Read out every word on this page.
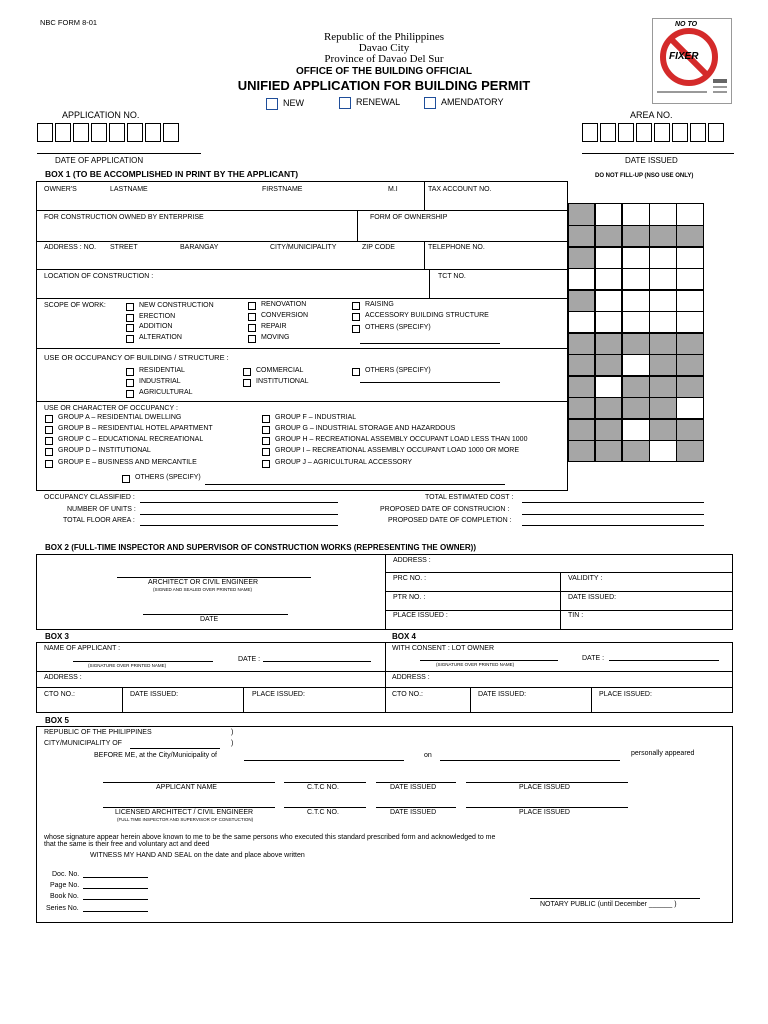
NBC FORM 8-01
Republic of the Philippines
Davao City
Province of Davao Del Sur
OFFICE OF THE BUILDING OFFICIAL
UNIFIED APPLICATION FOR BUILDING PERMIT
NO TO
FIXER
NEW	RENEWAL	AMENDATORY
APPLICATION NO.	AREA NO.
DATE OF APPLICATION	DATE ISSUED
BOX 1 (TO BE ACCOMPLISHED IN PRINT BY THE APPLICANT)	DO NOT FILL-UP (NSO USE ONLY)
OWNER'S	LASTNAME	FIRSTNAME	M.I	TAX ACCOUNT NO.
FOR CONSTRUCTION OWNED BY ENTERPRISE	FORM OF OWNERSHIP
ADDRESS : NO. STREET	BARANGAY	CITY/MUNICIPALITY	ZIP CODE	TELEPHONE NO.
LOCATION OF CONSTRUCTION :	TCT NO.
SCOPE OF WORK:	NEW CONSTRUCTION
ERECTION
ADDITION
ALTERATION
RENOVATION
CONVERSION
REPAIR
MOVING
RAISING
ACCESSORY BUILDING STRUCTURE
OTHERS (SPECIFY)
USE OR OCCUPANCY OF BUILDING / STRUCTURE :
RESIDENTIAL
INDUSTRIAL
AGRICULTURAL
COMMERCIAL
INSTITUTIONAL
OTHERS (SPECIFY)
USE OR CHARACTER OF OCCUPANCY :
GROUP A – RESIDENTIAL DWELLING
GROUP B – RESIDENTIAL HOTEL APARTMENT
GROUP C – EDUCATIONAL RECREATIONAL
GROUP D – INSTITUTIONAL
GROUP E – BUSINESS AND MERCANTILE
GROUP F – INDUSTRIAL
GROUP G – INDUSTRIAL STORAGE AND HAZARDOUS
GROUP H – RECREATIONAL ASSEMBLY OCCUPANT LOAD LESS THAN 1000
GROUP I – RECREATIONAL ASSEMBLY OCCUPANT LOAD 1000 OR MORE
GROUP J – AGRICULTURAL ACCESSORY
OTHERS (SPECIFY)
OCCUPANCY CLASSIFIED :
NUMBER OF UNITS :
TOTAL FLOOR AREA :
TOTAL ESTIMATED COST :
PROPOSED DATE OF CONSTRUCION :
PROPOSED DATE OF COMPLETION :
BOX 2 (FULL-TIME INSPECTOR AND SUPERVISOR OF CONSTRUCTION WORKS (REPRESENTING THE OWNER))
ARCHITECT OR CIVIL ENGINEER
(SIGNED AND SEALED OVER PRINTED NAME)
DATE
ADDRESS :
PRC NO. :	VALIDITY :
PTR NO. :	DATE ISSUED:
PLACE ISSUED :	TIN :
BOX 3	BOX 4
NAME OF APPLICANT :
(SIGNATURE OVER PRINTED NAME)
DATE :
ADDRESS :
CTO NO.:	DATE ISSUED:	PLACE ISSUED:
WITH CONSENT : LOT OWNER
(SIGNATURE OVER PRINTED NAME)
DATE :
ADDRESS :
CTO NO.:	DATE ISSUED:	PLACE ISSUED:
BOX 5
REPUBLIC OF THE PHILIPPINES	)
CITY/MUNICIPALITY OF	)
BEFORE ME, at the City/Municipality of	on	personally appeared
APPLICANT NAME	C.T.C NO.	DATE ISSUED	PLACE ISSUED
LICENSED ARCHITECT / CIVIL ENGINEER
(FULL TIME INSPECTOR AND SUPERVISOR OF CONSTUCTION)
C.T.C NO.	DATE ISSUED	PLACE ISSUED
whose signature appear herein above known to me to be the same persons who executed this standard prescribed form and acknowledged to me
that the same is their free and voluntary act and deed
WITNESS MY HAND AND SEAL on the date and place above written
Doc. No.
Page No.
Book No.
Series No.
NOTARY PUBLIC (until December ______ )
